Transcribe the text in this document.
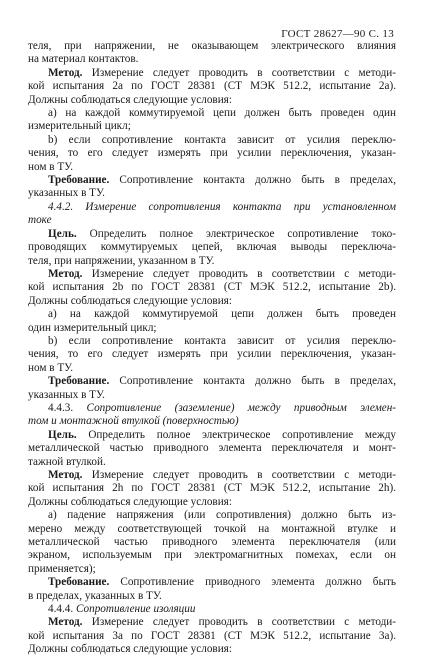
ГОСТ 28627—90 С. 13
теля, при напряжении, не оказывающем электрического влияния
на материал контактов.
Метод. Измерение следует проводить в соответствии с методи-
кой испытания 2а по ГОСТ 28381 (СТ МЭК 512.2, испытание 2а).
Должны соблюдаться следующие условия:
а) на каждой коммутируемой цепи должен быть проведен один
измерительный цикл;
b) если сопротивление контакта зависит от усилия переклю-
чения, то его следует измерять при усилии переключения, указан-
ном в ТУ.
Требование. Сопротивление контакта должно быть в пределах,
указанных в ТУ.
4.4.2. Измерение сопротивления контакта при установленном
токе
Цель. Определить полное электрическое сопротивление токо-
проводящих коммутируемых цепей, включая выводы переключа-
теля, при напряжении, указанном в ТУ.
Метод. Измерение следует проводить в соответствии с методи-
кой испытания 2b по ГОСТ 28381 (СТ МЭК 512.2, испытание 2b).
Должны соблюдаться следующие условия:
а) на каждой коммутируемой цепи должен быть проведен
один измерительный цикл;
b) если сопротивление контакта зависит от усилия переклю-
чения, то его следует измерять при усилии переключения, указан-
ном в ТУ.
Требование. Сопротивление контакта должно быть в пределах,
указанных в ТУ.
4.4.3. Сопротивление (заземление) между приводным элемен-
том и монтажной втулкой (поверхностью)
Цель. Определить полное электрическое сопротивление между
металлической частью приводного элемента переключателя и монт-
тажной втулкой.
Метод. Измерение следует проводить в соответствии с методи-
кой испытания 2h по ГОСТ 28381 (СТ МЭК 512.2, испытание 2h).
Должны соблюдаться следующие условия:
а) падение напряжения (или сопротивления) должно быть из-
мерено между соответствующей точкой на монтажной втулке и
металлической частью приводного элемента переключателя (или
экраном, используемым при электромагнитных помехах, если он
применяется);
Требование. Сопротивление приводного элемента должно быть
в пределах, указанных в ТУ.
4.4.4. Сопротивление изоляции
Метод. Измерение следует проводить в соответствии с методи-
кой испытания 3а по ГОСТ 28381 (СТ МЭК 512.2, испытание 3а).
Должны соблюдаться следующие условия:
